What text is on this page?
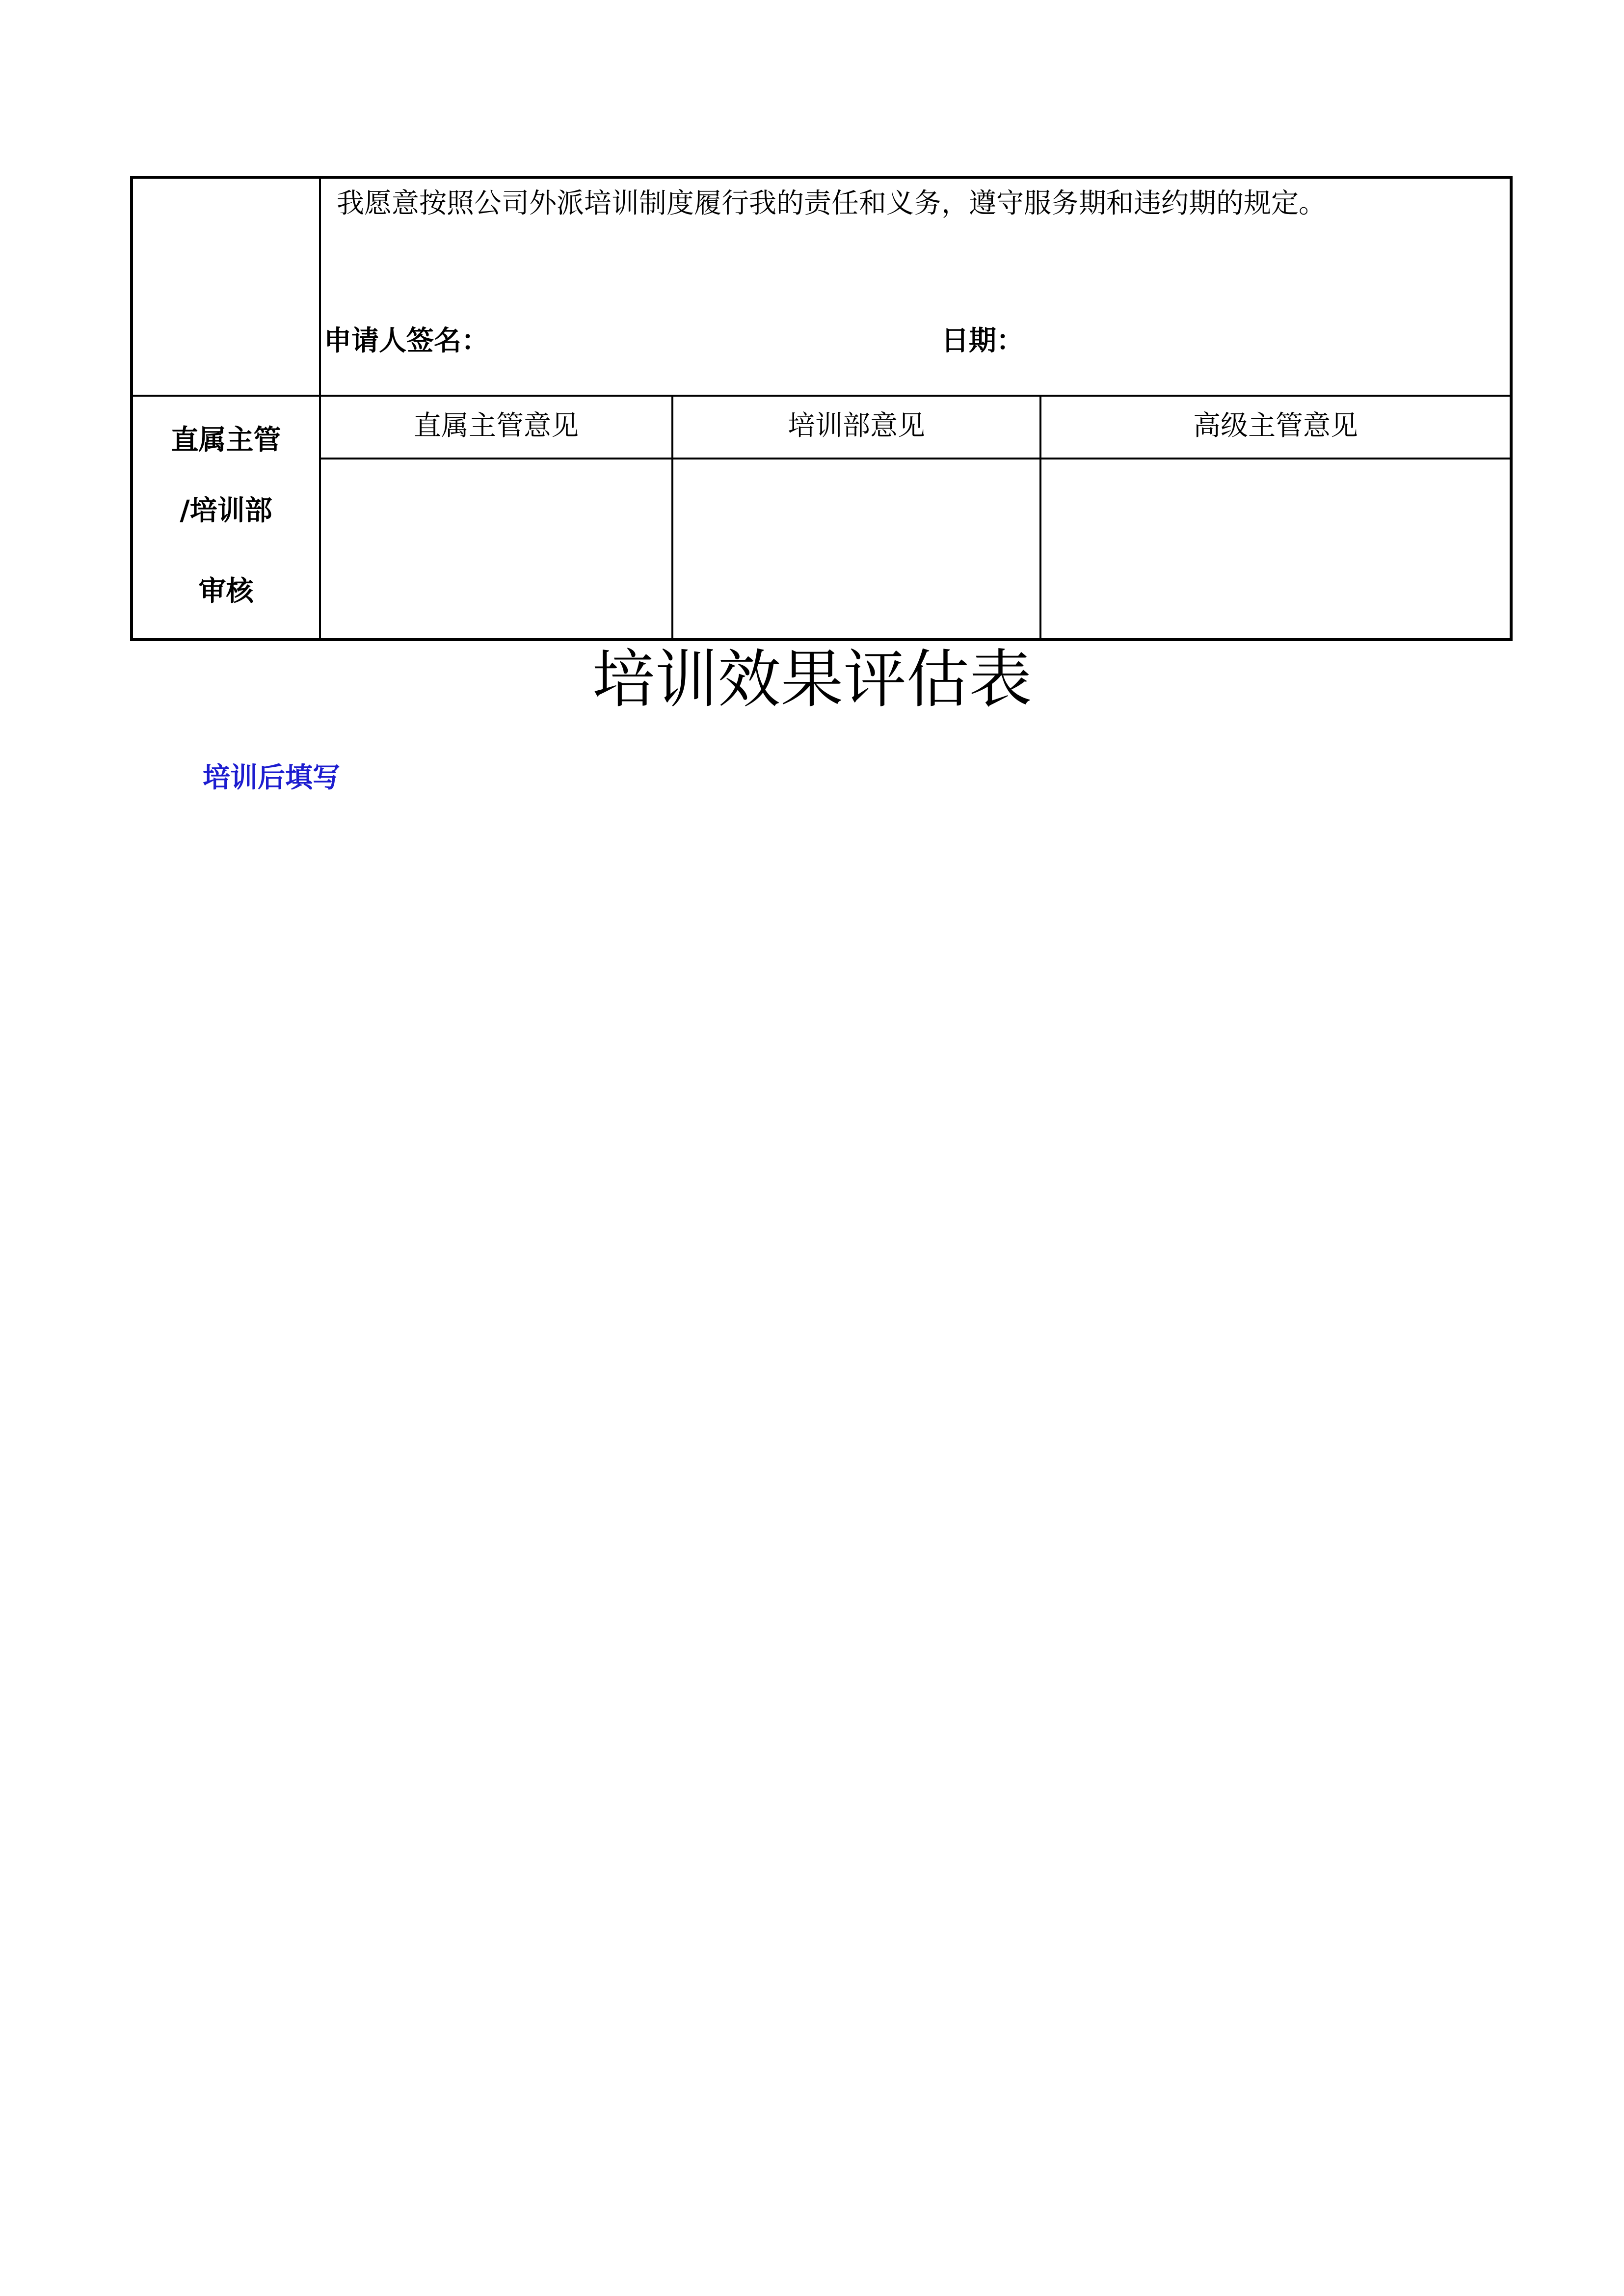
我愿意按照公司外派培训制度履行我的责任和义务，遵守服务期和违约期的规定。
申请人签名：	日期：
直属主管
/培训部
审核
直属主管意见	培训部意见	高级主管意见
培训效果评估表
培训后填写
